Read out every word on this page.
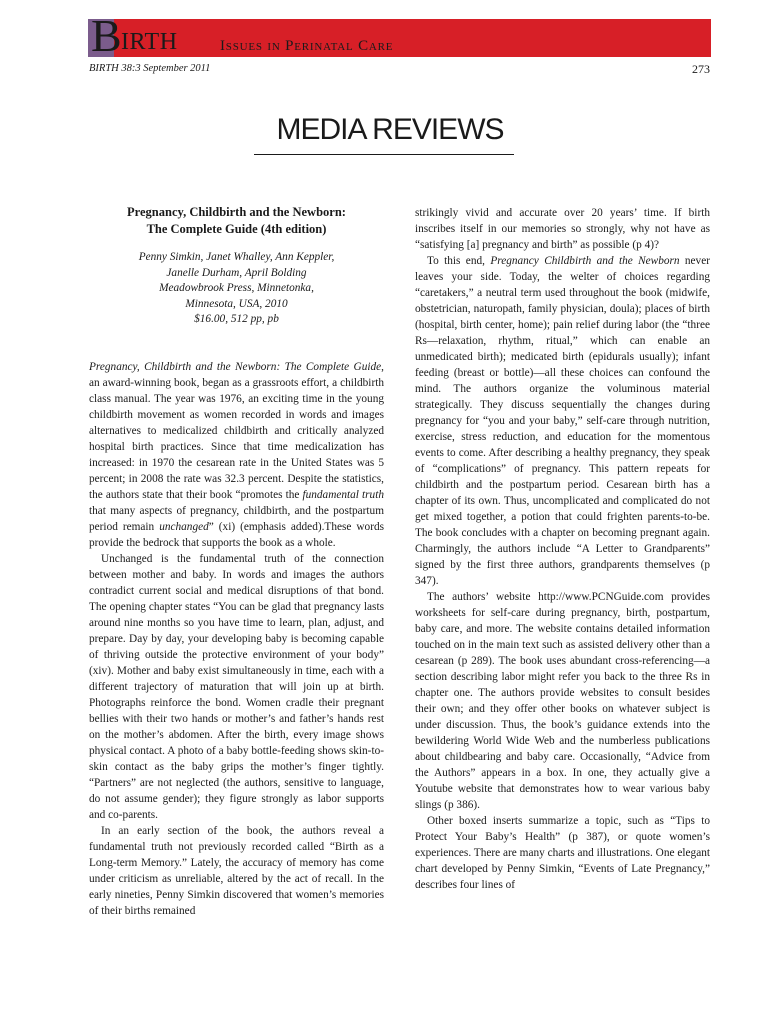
B IRTH	Issues in Perinatal Care
BIRTH 38:3 September 2011	273
MEDIA REVIEWS
Pregnancy, Childbirth and the Newborn:
The Complete Guide (4th edition)
Penny Simkin, Janet Whalley, Ann Keppler,
Janelle Durham, April Bolding
Meadowbrook Press, Minnetonka,
Minnesota, USA, 2010
$16.00, 512 pp, pb

Pregnancy, Childbirth and the Newborn: The Complete Guide, an award-winning book, began as a grassroots effort, a childbirth class manual. The year was 1976, an exciting time in the young childbirth movement as women recorded in words and images alternatives to medicalized childbirth and critically analyzed hospital birth practices. Since that time medicalization has increased: in 1970 the cesarean rate in the United States was 5 percent; in 2008 the rate was 32.3 percent. Despite the statistics, the authors state that their book “promotes the fundamental truth that many aspects of pregnancy, childbirth, and the postpartum period remain unchanged” (xi) (emphasis added).These words provide the bedrock that supports the book as a whole.

Unchanged is the fundamental truth of the connection between mother and baby. In words and images the authors contradict current social and medical disruptions of that bond. The opening chapter states “You can be glad that pregnancy lasts around nine months so you have time to learn, plan, adjust, and prepare. Day by day, your developing baby is becoming capable of thriving outside the protective environment of your body” (xiv). Mother and baby exist simultaneously in time, each with a different trajectory of maturation that will join up at birth. Photographs reinforce the bond. Women cradle their pregnant bellies with their two hands or mother’s and father’s hands rest on the mother’s abdomen. After the birth, every image shows physical contact. A photo of a baby bottle-feeding shows skin-to-skin contact as the baby grips the mother’s finger tightly. “Partners” are not neglected (the authors, sensitive to language, do not assume gender); they figure strongly as labor supports and co-parents.

In an early section of the book, the authors reveal a fundamental truth not previously recorded called “Birth as a Long-term Memory.” Lately, the accuracy of memory has come under criticism as unreliable, altered by the act of recall. In the early nineties, Penny Simkin discovered that women’s memories of their births remained

strikingly vivid and accurate over 20 years’ time. If birth inscribes itself in our memories so strongly, why not have as “satisfying [a] pregnancy and birth” as possible (p 4)?

To this end, Pregnancy Childbirth and the Newborn never leaves your side. Today, the welter of choices regarding “caretakers,” a neutral term used throughout the book (midwife, obstetrician, naturopath, family physician, doula); places of birth (hospital, birth center, home); pain relief during labor (the “three Rs—relaxation, rhythm, ritual,” which can enable an unmedicated birth); medicated birth (epidurals usually); infant feeding (breast or bottle)—all these choices can confound the mind. The authors organize the voluminous material strategically. They discuss sequentially the changes during pregnancy for “you and your baby,” self-care through nutrition, exercise, stress reduction, and education for the momentous events to come. After describing a healthy pregnancy, they speak of “complications” of pregnancy. This pattern repeats for childbirth and the postpartum period. Cesarean birth has a chapter of its own. Thus, uncomplicated and complicated do not get mixed together, a potion that could frighten parents-to-be. The book concludes with a chapter on becoming pregnant again. Charmingly, the authors include “A Letter to Grandparents” signed by the first three authors, grandparents themselves (p 347).

The authors’ website http://www.PCNGuide.com provides worksheets for self-care during pregnancy, birth, postpartum, baby care, and more. The website contains detailed information touched on in the main text such as assisted delivery other than a cesarean (p 289). The book uses abundant cross-referencing—a section describing labor might refer you back to the three Rs in chapter one. The authors provide websites to consult besides their own; and they offer other books on whatever subject is under discussion. Thus, the book’s guidance extends into the bewildering World Wide Web and the numberless publications about childbearing and baby care. Occasionally, “Advice from the Authors” appears in a box. In one, they actually give a Youtube website that demonstrates how to wear various baby slings (p 386).

Other boxed inserts summarize a topic, such as “Tips to Protect Your Baby’s Health” (p 387), or quote women’s experiences. There are many charts and illustrations. One elegant chart developed by Penny Simkin, “Events of Late Pregnancy,” describes four lines of
